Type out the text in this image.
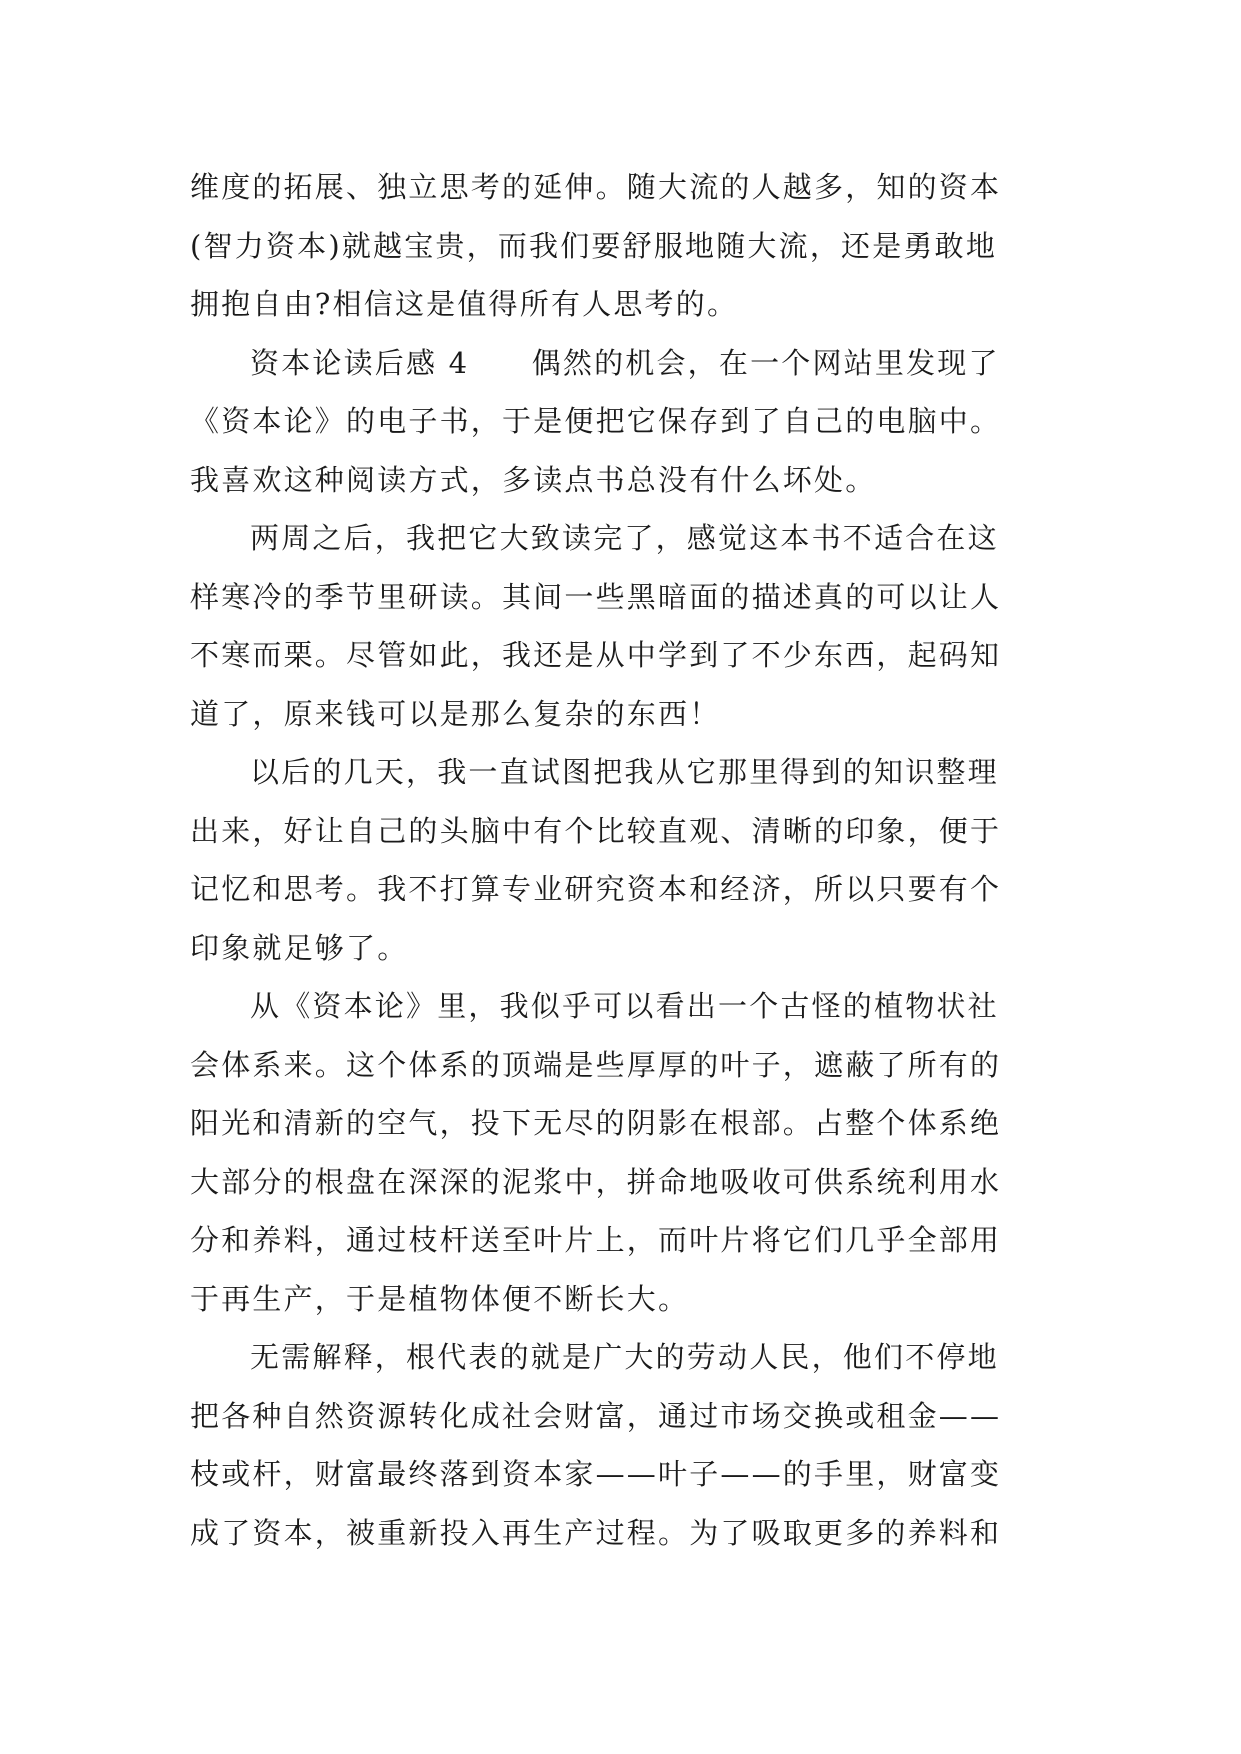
维度的拓展、独立思考的延伸。随大流的人越多，知的资本
(智力资本)就越宝贵，而我们要舒服地随大流，还是勇敢地
拥抱自由?相信这是值得所有人思考的。
资本论读后感 4　　偶然的机会，在一个网站里发现了
《资本论》的电子书，于是便把它保存到了自己的电脑中。
我喜欢这种阅读方式，多读点书总没有什么坏处。
两周之后，我把它大致读完了，感觉这本书不适合在这
样寒冷的季节里研读。其间一些黑暗面的描述真的可以让人
不寒而栗。尽管如此，我还是从中学到了不少东西，起码知
道了，原来钱可以是那么复杂的东西！
以后的几天，我一直试图把我从它那里得到的知识整理
出来，好让自己的头脑中有个比较直观、清晰的印象，便于
记忆和思考。我不打算专业研究资本和经济，所以只要有个
印象就足够了。
从《资本论》里，我似乎可以看出一个古怪的植物状社
会体系来。这个体系的顶端是些厚厚的叶子，遮蔽了所有的
阳光和清新的空气，投下无尽的阴影在根部。占整个体系绝
大部分的根盘在深深的泥浆中，拼命地吸收可供系统利用水
分和养料，通过枝杆送至叶片上，而叶片将它们几乎全部用
于再生产，于是植物体便不断长大。
无需解释，根代表的就是广大的劳动人民，他们不停地
把各种自然资源转化成社会财富，通过市场交换或租金——
枝或杆，财富最终落到资本家——叶子——的手里，财富变
成了资本，被重新投入再生产过程。为了吸取更多的养料和
